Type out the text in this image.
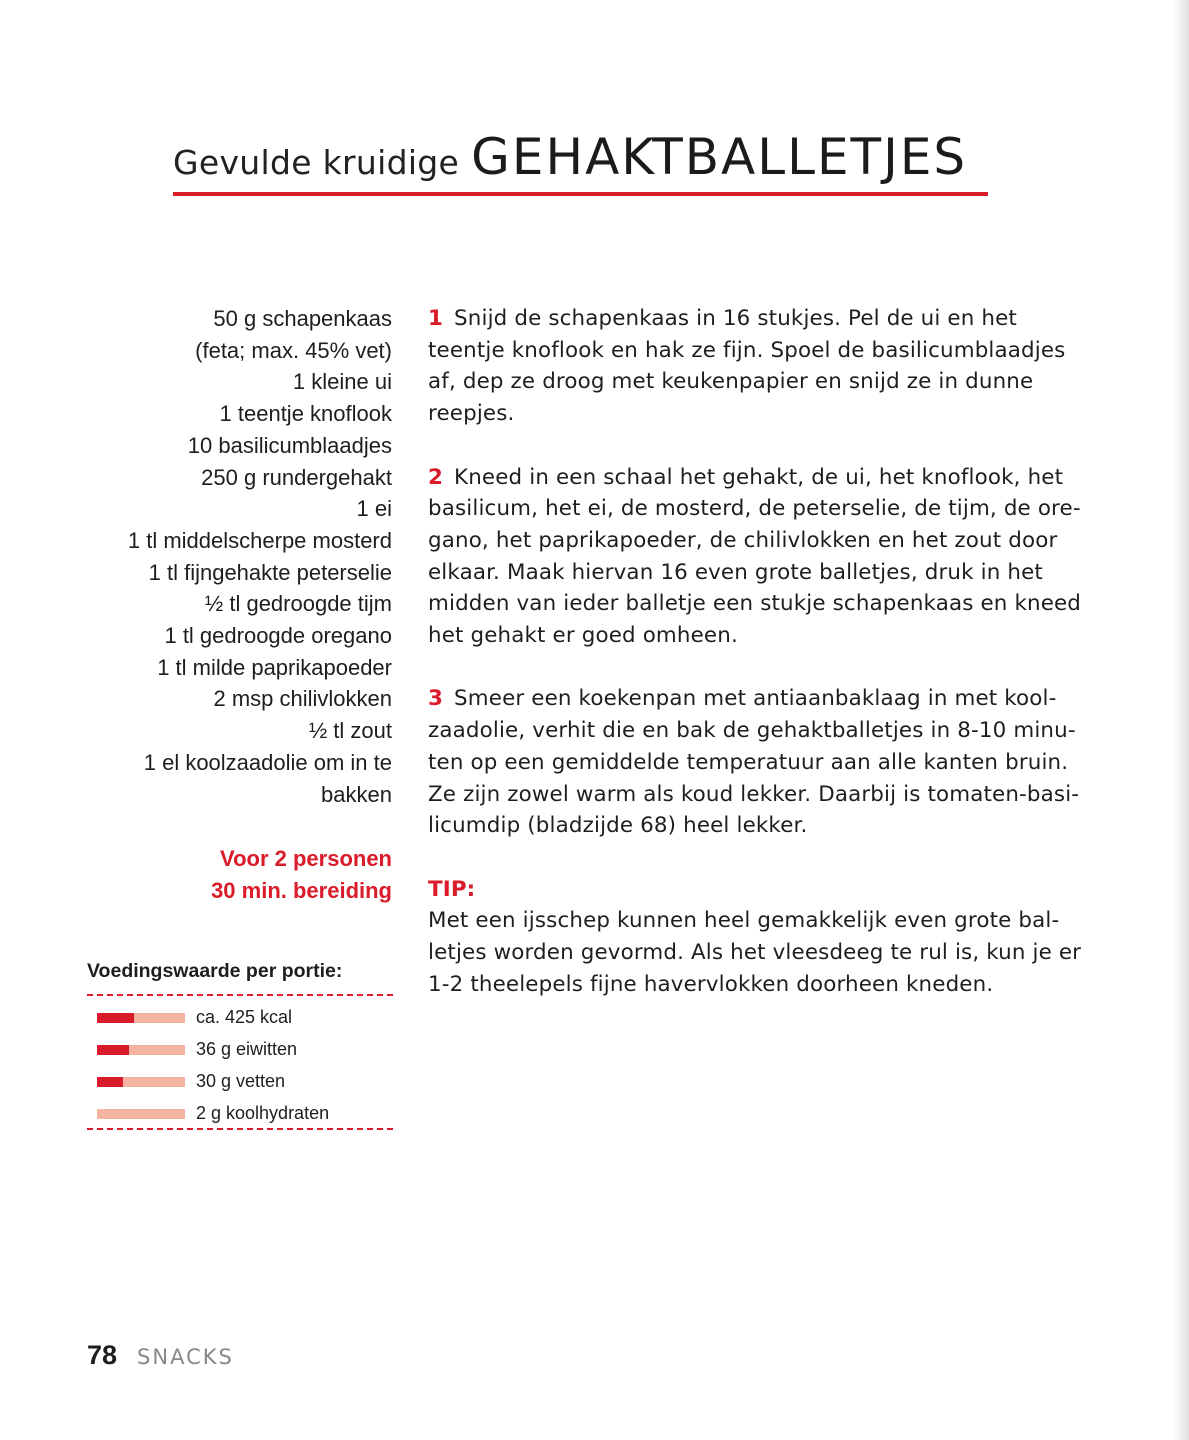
Gevulde kruidige GEHAKTBALLETJES
50 g schapenkaas
(feta; max. 45% vet)
1 kleine ui
1 teentje knoflook
10 basilicumblaadjes
250 g rundergehakt
1 ei
1 tl middelscherpe mosterd
1 tl fijngehakte peterselie
½ tl gedroogde tijm
1 tl gedroogde oregano
1 tl milde paprikapoeder
2 msp chilivlokken
½ tl zout
1 el koolzaadolie om in te
bakken
Voor 2 personen
30 min. bereiding
Voedingswaarde per portie:
ca. 425 kcal
36 g eiwitten
30 g vetten
2 g koolhydraten
1 Snijd de schapenkaas in 16 stukjes. Pel de ui en het
teentje knoflook en hak ze fijn. Spoel de basilicumblaadjes
af, dep ze droog met keukenpapier en snijd ze in dunne
reepjes.
2 Kneed in een schaal het gehakt, de ui, het knoflook, het
basilicum, het ei, de mosterd, de peterselie, de tijm, de ore-
gano, het paprikapoeder, de chilivlokken en het zout door
elkaar. Maak hiervan 16 even grote balletjes, druk in het
midden van ieder balletje een stukje schapenkaas en kneed
het gehakt er goed omheen.
3 Smeer een koekenpan met antiaanbaklaag in met kool-
zaadolie, verhit die en bak de gehaktballetjes in 8-10 minu-
ten op een gemiddelde temperatuur aan alle kanten bruin.
Ze zijn zowel warm als koud lekker. Daarbij is tomaten-basi-
licumdip (bladzijde 68) heel lekker.
TIP:
Met een ijsschep kunnen heel gemakkelijk even grote bal-
letjes worden gevormd. Als het vleesdeeg te rul is, kun je er
1-2 theelepels fijne havervlokken doorheen kneden.
78 SNACKS
